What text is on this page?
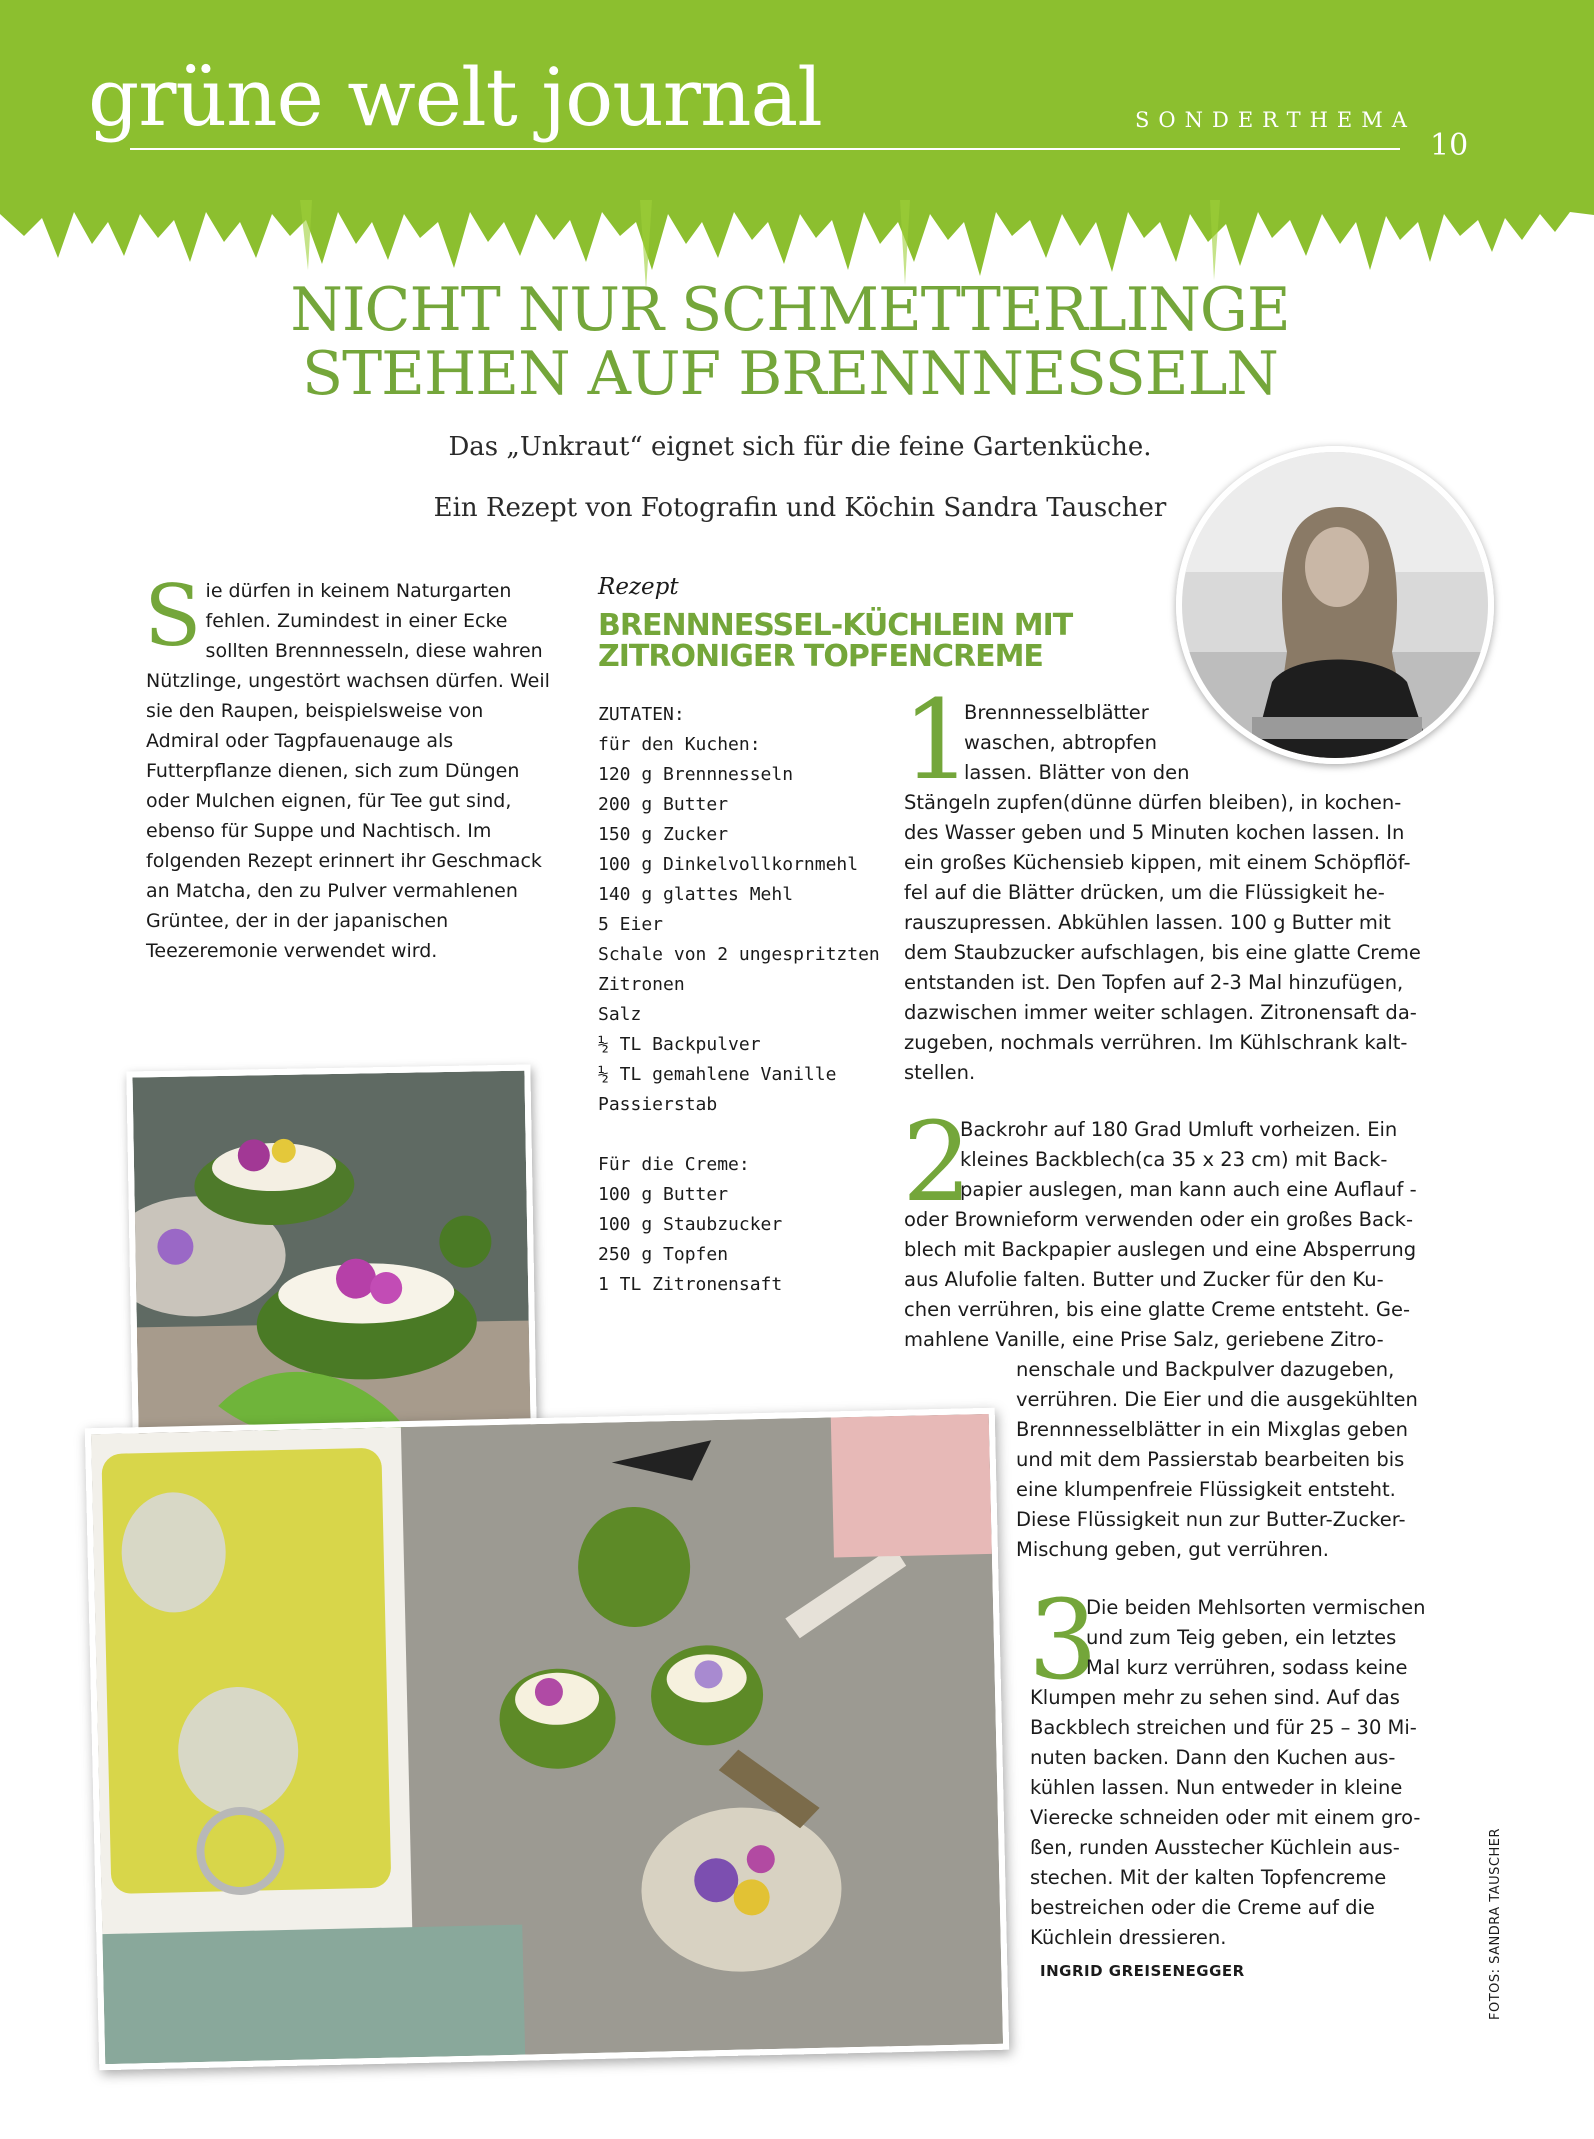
grüne welt journal	SONDERTHEMA
10
NICHT NUR SCHMETTERLINGE
STEHEN AUF BRENNNESSELN
Das „Unkraut“ eignet sich für die feine Gartenküche.
Ein Rezept von Fotografin und Köchin Sandra Tauscher
S ie dürfen in keinem Naturgarten fehlen. Zumindest in einer Ecke sollten Brennnesseln, diese wahren Nützlinge, ungestört wachsen dürfen. Weil sie den Raupen, beispielsweise von Admiral oder Tagpfauenauge als Futterpflanze dienen, sich zum Düngen oder Mulchen eignen, für Tee gut sind, ebenso für Suppe und Nachtisch. Im folgenden Rezept erinnert ihr Geschmack an Matcha, den zu Pulver vermahlenen Grüntee, der in der japanischen Teezeremonie verwendet wird.
Rezept
BRENNNESSEL-KÜCHLEIN MIT
ZITRONIGER TOPFENCREME
ZUTATEN:
für den Kuchen:
120 g Brennnesseln
200 g Butter
150 g Zucker
100 g Dinkelvollkornmehl
140 g glattes Mehl
5 Eier
Schale von 2 ungespritzten
Zitronen
Salz
½ TL Backpulver
½ TL gemahlene Vanille
Passierstab
Für die Creme:
100 g Butter
100 g Staubzucker
250 g Topfen
1 TL Zitronensaft
1

Brennnesselblätter

waschen, abtropfen

lassen. Blätter von den

Stängeln zupfen(dünne dürfen bleiben), in kochen-

des Wasser geben und 5 Minuten kochen lassen. In

ein großes Küchensieb kippen, mit einem Schöpflöf-

fel auf die Blätter drücken, um die Flüssigkeit he-

rauszupressen. Abkühlen lassen. 100 g Butter mit

dem Staubzucker aufschlagen, bis eine glatte Creme

entstanden ist. Den Topfen auf 2-3 Mal hinzufügen,

dazwischen immer weiter schlagen. Zitronensaft da-

zugeben, nochmals verrühren. Im Kühlschrank kalt-

stellen.

2

Backrohr auf 180 Grad Umluft vorheizen. Ein

kleines Backblech(ca 35 x 23 cm) mit Back-

papier auslegen, man kann auch eine Auflauf -

oder Brownieform verwenden oder ein großes Back-

blech mit Backpapier auslegen und eine Absperrung

aus Alufolie falten. Butter und Zucker für den Ku-

chen verrühren, bis eine glatte Creme entsteht. Ge-

mahlene Vanille, eine Prise Salz, geriebene Zitro-

nenschale und Backpulver dazugeben,

verrühren. Die Eier und die ausgekühlten

Brennnesselblätter in ein Mixglas geben

und mit dem Passierstab bearbeiten bis

eine klumpenfreie Flüssigkeit entsteht.

Diese Flüssigkeit nun zur Butter-Zucker-

Mischung geben, gut verrühren.

3

Die beiden Mehlsorten vermischen

und zum Teig geben, ein letztes

Mal kurz verrühren, sodass keine

Klumpen mehr zu sehen sind. Auf das

Backblech streichen und für 25 – 30 Mi-

nuten backen. Dann den Kuchen aus-

kühlen lassen. Nun entweder in kleine

Vierecke schneiden oder mit einem gro-

ßen, runden Ausstecher Küchlein aus-

stechen. Mit der kalten Topfencreme

bestreichen oder die Creme auf die

Küchlein dressieren.

INGRID GREISENEGGER	FOTOS: SANDRA TAUSCHER
